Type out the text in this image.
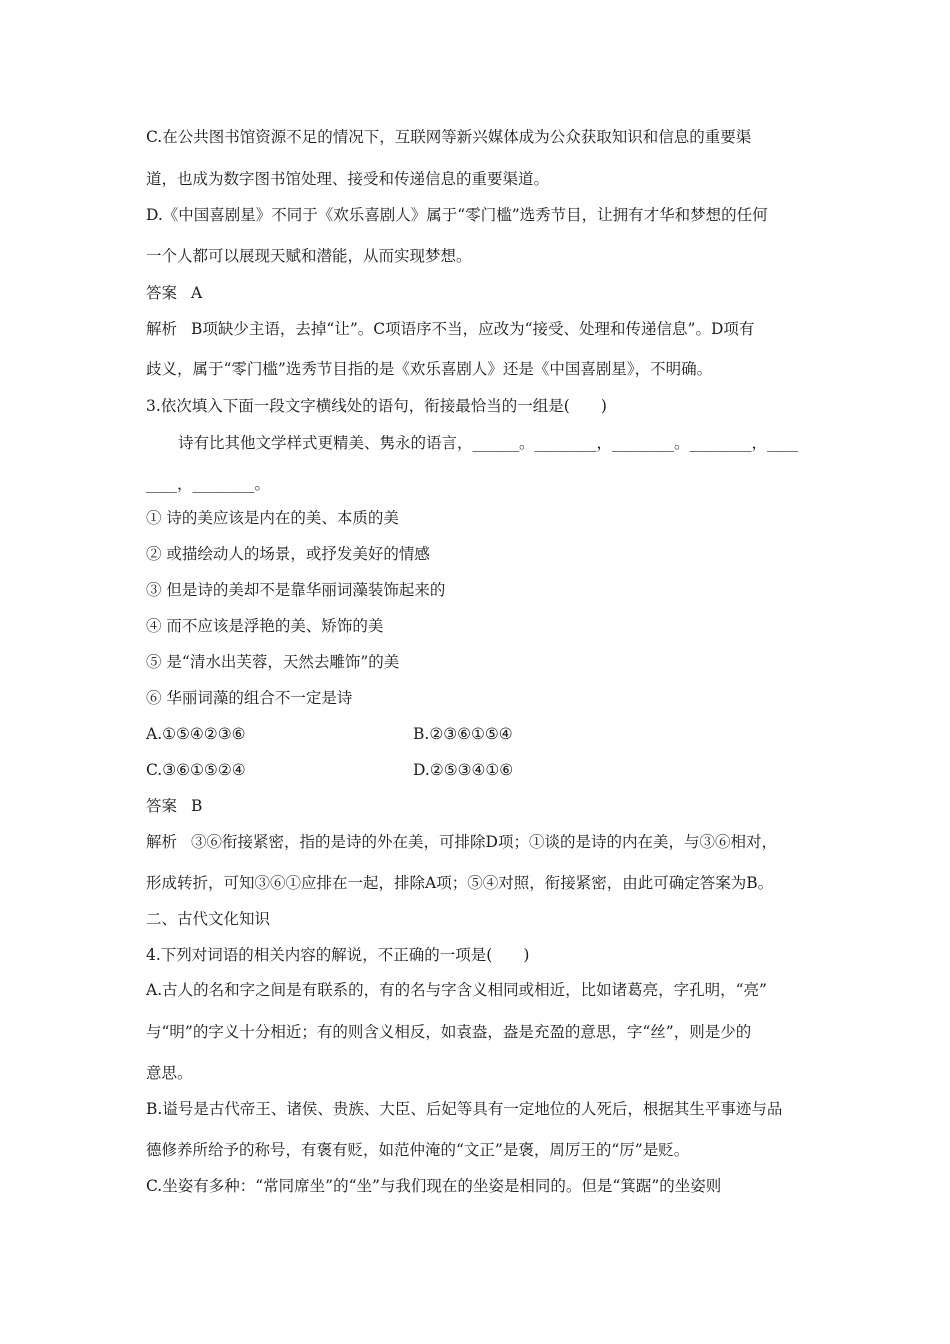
C.在公共图书馆资源不足的情况下，互联网等新兴媒体成为公众获取知识和信息的重要渠
道，也成为数字图书馆处理、接受和传递信息的重要渠道。
D.《中国喜剧星》不同于《欢乐喜剧人》属于“零门槛”选秀节目，让拥有才华和梦想的任何
一个人都可以展现天赋和潜能，从而实现梦想。
答案 A
解析 B项缺少主语，去掉“让”。C项语序不当，应改为“接受、处理和传递信息”。D项有
歧义，属于“零门槛”选秀节目指的是《欢乐喜剧人》还是《中国喜剧星》，不明确。
3.依次填入下面一段文字横线处的语句，衔接最恰当的一组是(　　)
诗有比其他文学样式更精美、隽永的语言，______。________，________。________，____
____，________。
① 诗的美应该是内在的美、本质的美
② 或描绘动人的场景，或抒发美好的情感
③ 但是诗的美却不是靠华丽词藻装饰起来的
④ 而不应该是浮艳的美、矫饰的美
⑤ 是“清水出芙蓉，天然去雕饰”的美
⑥ 华丽词藻的组合不一定是诗
A.①⑤④②③⑥	B.②③⑥①⑤④
C.③⑥①⑤②④	D.②⑤③④①⑥
答案 B
解析 ③⑥衔接紧密，指的是诗的外在美，可排除D项；①谈的是诗的内在美，与③⑥相对，
形成转折，可知③⑥①应排在一起，排除A项；⑤④对照，衔接紧密，由此可确定答案为B。
二、古代文化知识
4.下列对词语的相关内容的解说，不正确的一项是(　　)
A.古人的名和字之间是有联系的，有的名与字含义相同或相近，比如诸葛亮，字孔明，“亮”
与“明”的字义十分相近；有的则含义相反，如袁盎，盎是充盈的意思，字“丝”，则是少的
意思。
B.谥号是古代帝王、诸侯、贵族、大臣、后妃等具有一定地位的人死后，根据其生平事迹与品
德修养所给予的称号，有褒有贬，如范仲淹的“文正”是褒，周厉王的“厉”是贬。
C.坐姿有多种：“常同席坐”的“坐”与我们现在的坐姿是相同的。但是“箕踞”的坐姿则
